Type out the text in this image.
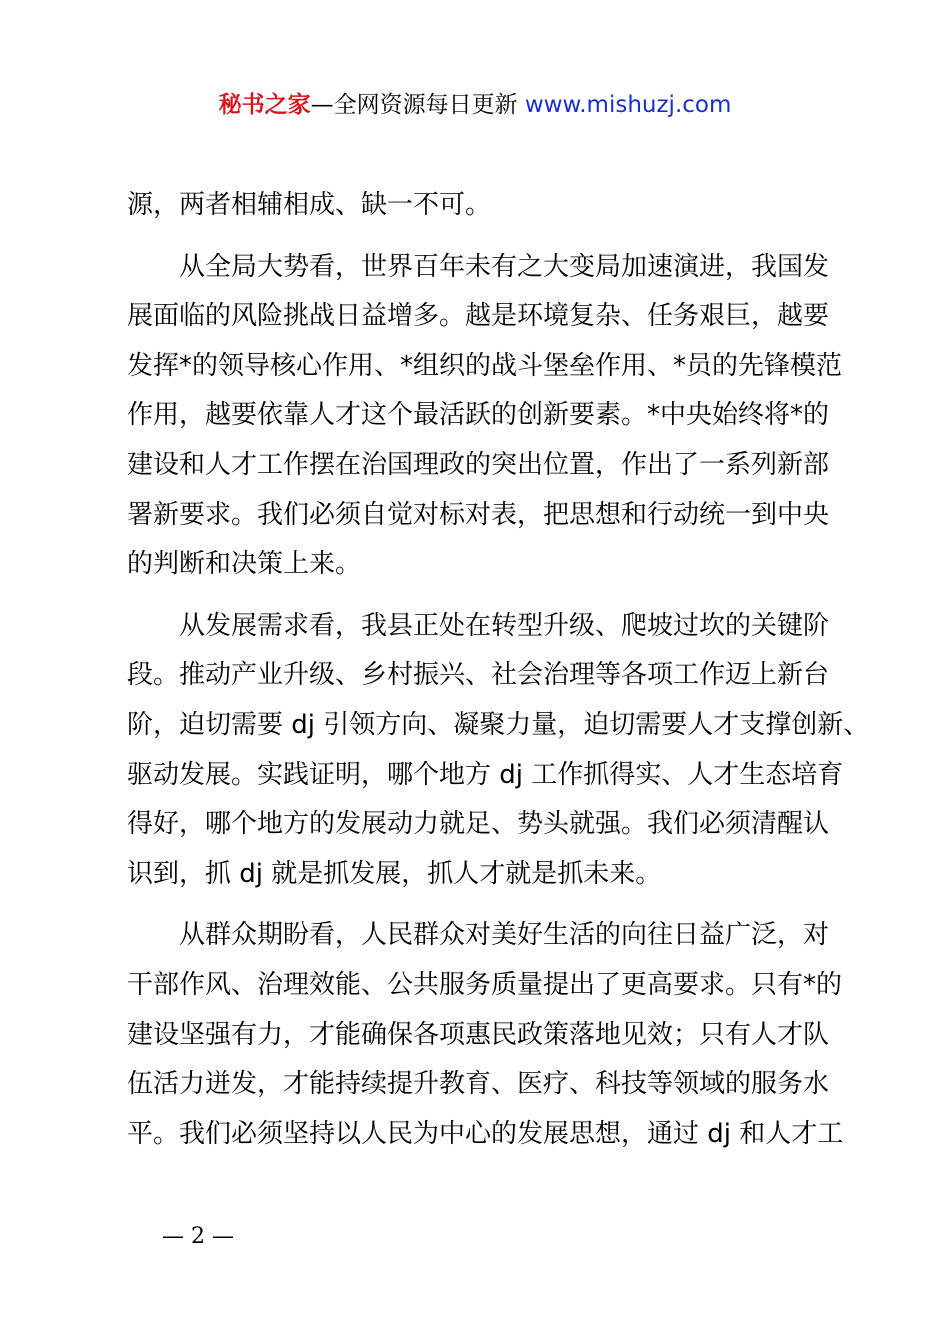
秘书之家—全网资源每日更新 www.mishuzj.com
源，两者相辅相成、缺一不可。
从全局大势看，世界百年未有之大变局加速演进，我国发
展面临的风险挑战日益增多。越是环境复杂、任务艰巨，越要
发挥*的领导核心作用、*组织的战斗堡垒作用、*员的先锋模范
作用，越要依靠人才这个最活跃的创新要素。*中央始终将*的
建设和人才工作摆在治国理政的突出位置，作出了一系列新部
署新要求。我们必须自觉对标对表，把思想和行动统一到中央
的判断和决策上来。
从发展需求看，我县正处在转型升级、爬坡过坎的关键阶
段。推动产业升级、乡村振兴、社会治理等各项工作迈上新台
阶，迫切需要 dj 引领方向、凝聚力量，迫切需要人才支撑创新、
驱动发展。实践证明，哪个地方 dj 工作抓得实、人才生态培育
得好，哪个地方的发展动力就足、势头就强。我们必须清醒认
识到，抓 dj 就是抓发展，抓人才就是抓未来。
从群众期盼看，人民群众对美好生活的向往日益广泛，对
干部作风、治理效能、公共服务质量提出了更高要求。只有*的
建设坚强有力，才能确保各项惠民政策落地见效；只有人才队
伍活力迸发，才能持续提升教育、医疗、科技等领域的服务水
平。我们必须坚持以人民为中心的发展思想，通过 dj 和人才工
— 2 —
